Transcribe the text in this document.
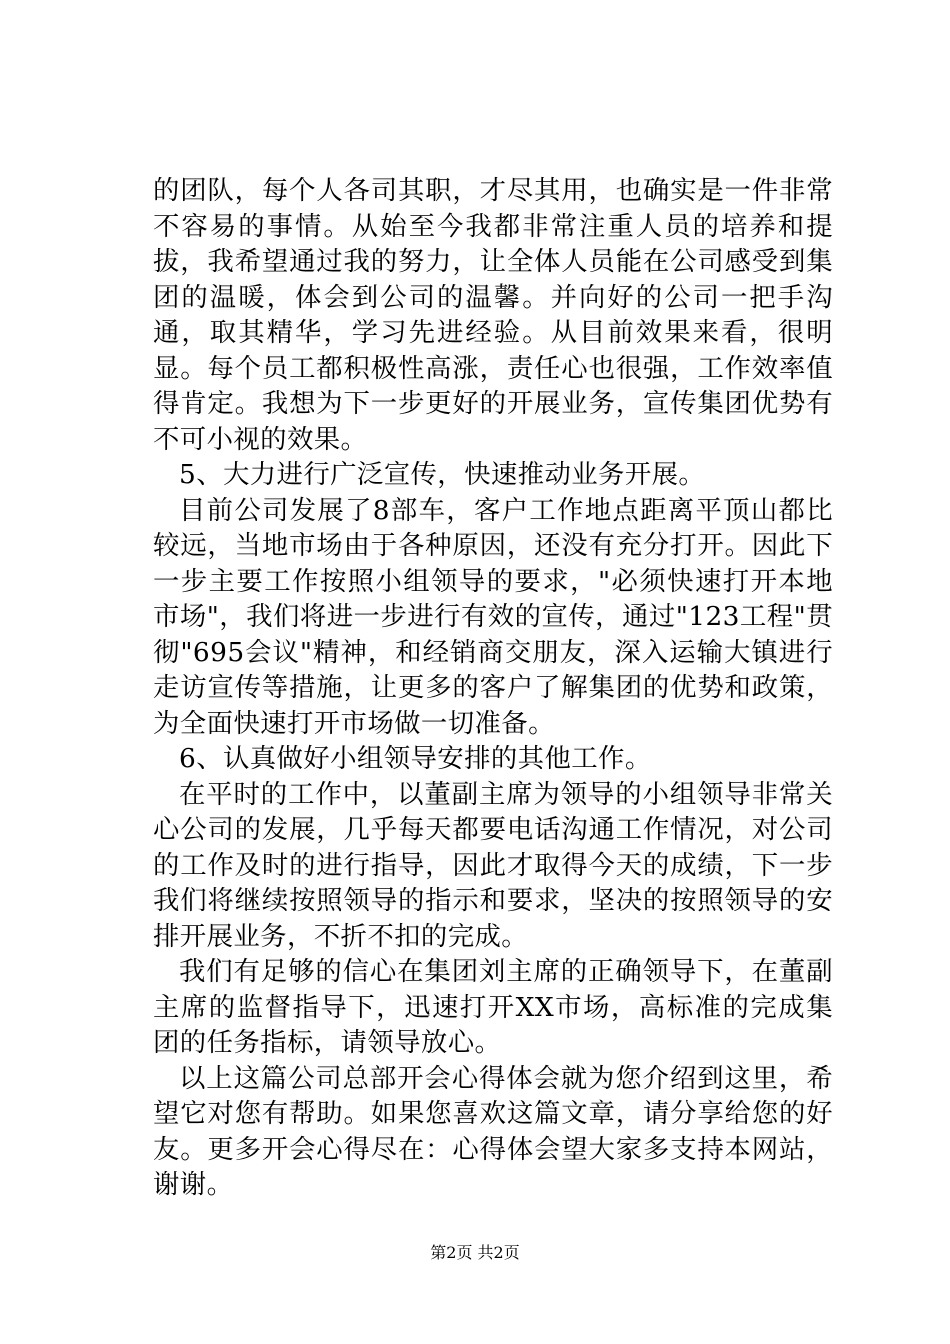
的团队，每个人各司其职，才尽其用，也确实是一件非常不容易的事情。从始至今我都非常注重人员的培养和提拔，我希望通过我的努力，让全体人员能在公司感受到集团的温暖，体会到公司的温馨。并向好的公司一把手沟通，取其精华，学习先进经验。从目前效果来看，很明显。每个员工都积极性高涨，责任心也很强，工作效率值得肯定。我想为下一步更好的开展业务，宣传集团优势有不可小视的效果。

5、大力进行广泛宣传，快速推动业务开展。

目前公司发展了8部车，客户工作地点距离平顶山都比较远，当地市场由于各种原因，还没有充分打开。因此下一步主要工作按照小组领导的要求，"必须快速打开本地市场"，我们将进一步进行有效的宣传，通过"123工程"贯彻"695会议"精神，和经销商交朋友，深入运输大镇进行走访宣传等措施，让更多的客户了解集团的优势和政策，为全面快速打开市场做一切准备。

6、认真做好小组领导安排的其他工作。

在平时的工作中，以董副主席为领导的小组领导非常关心公司的发展，几乎每天都要电话沟通工作情况，对公司的工作及时的进行指导，因此才取得今天的成绩，下一步我们将继续按照领导的指示和要求，坚决的按照领导的安排开展业务，不折不扣的完成。

我们有足够的信心在集团刘主席的正确领导下，在董副主席的监督指导下，迅速打开XX市场，高标准的完成集团的任务指标，请领导放心。

以上这篇公司总部开会心得体会就为您介绍到这里，希望它对您有帮助。如果您喜欢这篇文章，请分享给您的好友。更多开会心得尽在：心得体会望大家多支持本网站，谢谢。

第2页 共2页
